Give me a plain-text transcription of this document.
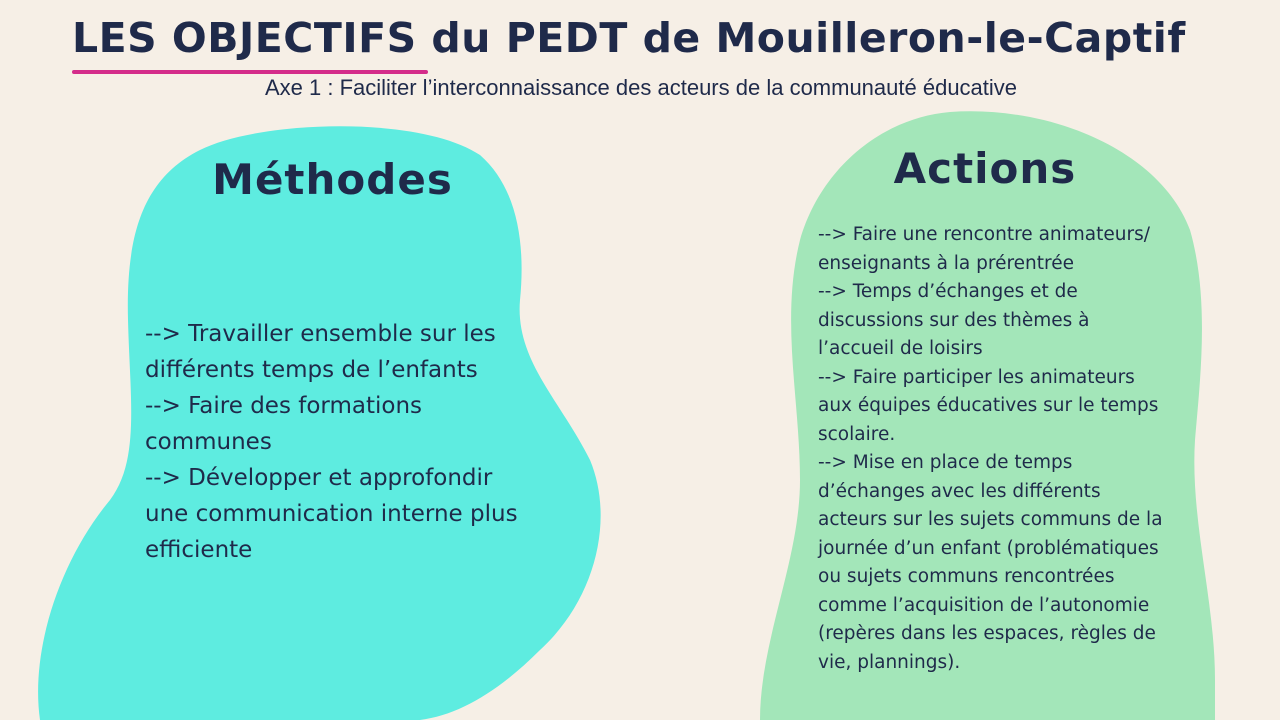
LES OBJECTIFS du PEDT de Mouilleron-le-Captif
Axe 1 : Faciliter l’interconnaissance des acteurs de la communauté éducative
Méthodes

--> Travailler ensemble sur les différents temps de l’enfants

--> Faire des formations communes

--> Développer et approfondir une communication interne plus efficiente

Actions

--> Faire une rencontre animateurs/ enseignants à la prérentrée

--> Temps d’échanges et de discussions sur des thèmes à l’accueil de loisirs

--> Faire participer les animateurs aux équipes éducatives sur le temps scolaire.

--> Mise en place de temps d’échanges avec les différents acteurs sur les sujets communs de la journée d’un enfant (problématiques ou sujets communs rencontrées comme l’acquisition de l’autonomie (repères dans les espaces, règles de vie, plannings).
